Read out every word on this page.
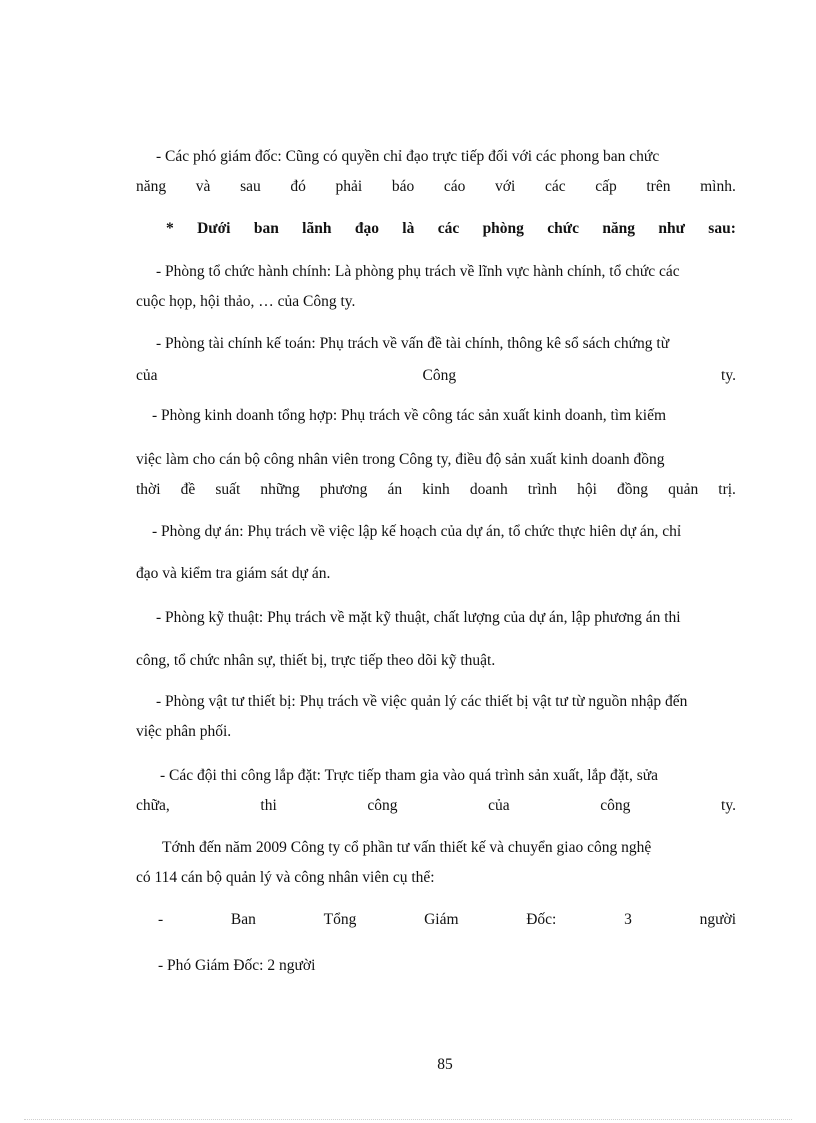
- Các phó giám đốc: Cũng có quyền chỉ đạo trực tiếp đối với các phong ban chức
năng và sau đó phải báo cáo với các cấp trên mình.
* Dưới ban lãnh đạo là các phòng chức năng như sau:
- Phòng tổ chức hành chính: Là phòng phụ trách về lĩnh vực hành chính, tổ chức các
cuộc họp, hội thảo, … của Công ty.
- Phòng tài chính kế toán: Phụ trách về vấn đề tài chính, thông kê sổ sách chứng từ
của	Công	ty.
- Phòng kinh doanh tổng hợp: Phụ trách về công tác sản xuất kinh doanh, tìm kiếm
việc làm cho cán bộ công nhân viên trong Công ty, điều độ sản xuất kinh doanh đồng
thời đề suất những phương án kinh doanh trình hội đồng quản trị.
- Phòng dự án: Phụ trách về việc lập kế hoạch của dự án, tổ chức thực hiên dự án, chỉ
đạo và kiểm tra giám sát dự án.
- Phòng kỹ thuật: Phụ trách về mặt kỹ thuật, chất lượng của dự án, lập phương án thi
công, tổ chức nhân sự, thiết bị, trực tiếp theo dõi kỹ thuật.
- Phòng vật tư thiết bị: Phụ trách về việc quản lý các thiết bị vật tư từ nguồn nhập đến
việc phân phối.
- Các đội thi công lắp đặt: Trực tiếp tham gia vào quá trình sản xuất, lắp đặt, sửa
chữa,	thi	công	của	công	ty.
Tớnh đến năm 2009 Công ty cổ phần tư vấn thiết kế và chuyển giao công nghệ
có 114 cán bộ quản lý và công nhân viên cụ thể:
-	Ban	Tổng	Giám	Đốc:	3	người
- Phó Giám Đốc: 2 người
85
